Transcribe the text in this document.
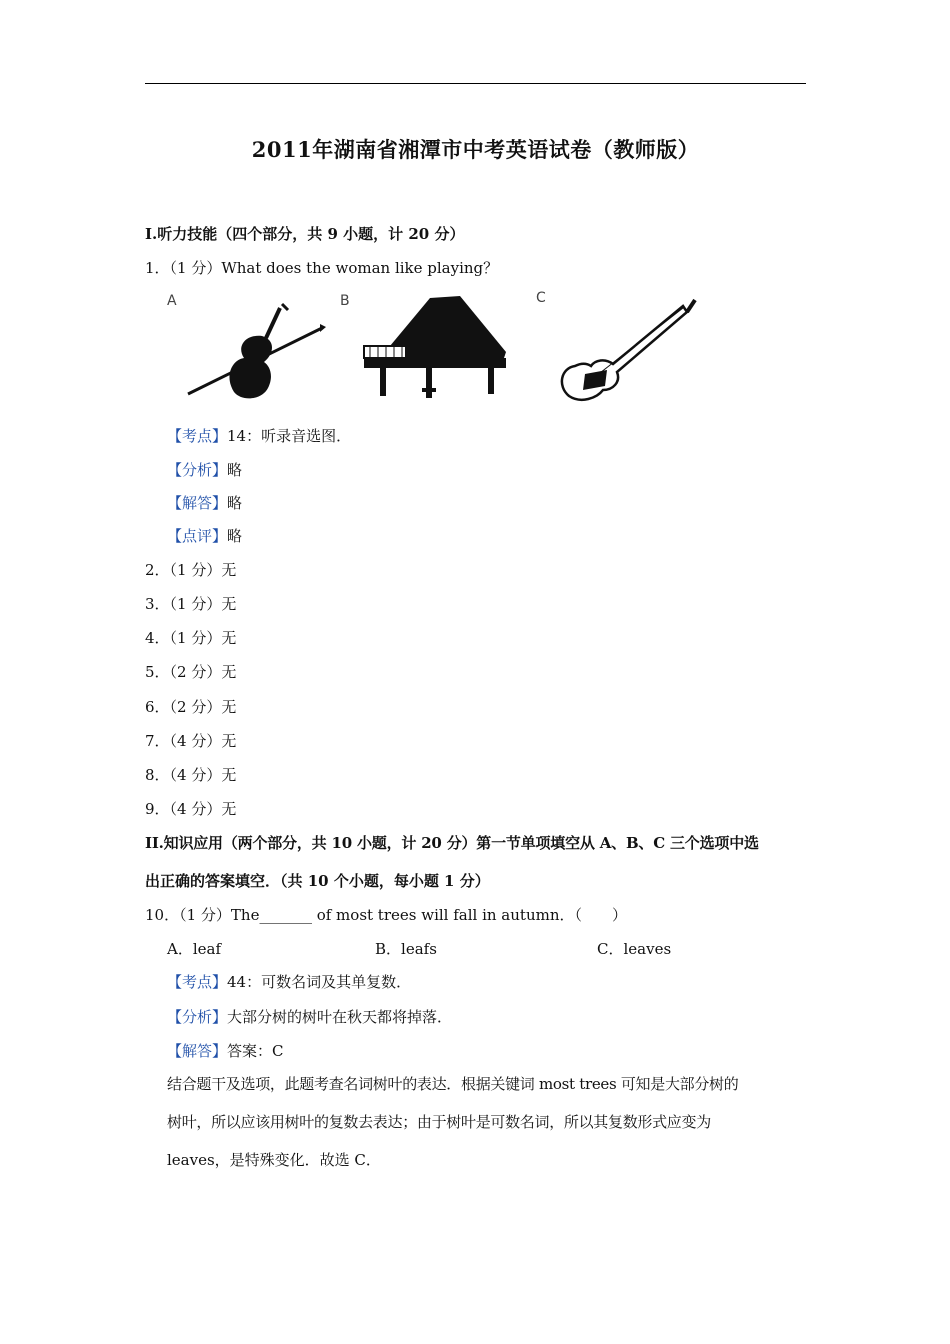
2011年湖南省湘潭市中考英语试卷（教师版）
I.听力技能（四个部分，共 9 小题，计 20 分）
1．（1 分）What does the woman like playing？
A	B	C
【考点】14：听录音选图．
【分析】略
【解答】略
【点评】略
2．（1 分）无
3．（1 分）无
4．（1 分）无
5．（2 分）无
6．（2 分）无
7．（4 分）无
8．（4 分）无
9．（4 分）无
II.知识应用（两个部分，共 10 小题，计 20 分）第一节单项填空从 A、B、C 三个选项中选
出正确的答案填空．（共 10 个小题，每小题 1 分）
10．（1 分）The_______ of most trees will fall in autumn．（　　）
A．leaf	B．leafs	C．leaves
【考点】44：可数名词及其单复数．
【分析】大部分树的树叶在秋天都将掉落．
【解答】答案：C
结合题干及选项，此题考查名词树叶的表达．根据关键词 most trees 可知是大部分树的
树叶，所以应该用树叶的复数去表达；由于树叶是可数名词，所以其复数形式应变为
leaves，是特殊变化．故选 C．
